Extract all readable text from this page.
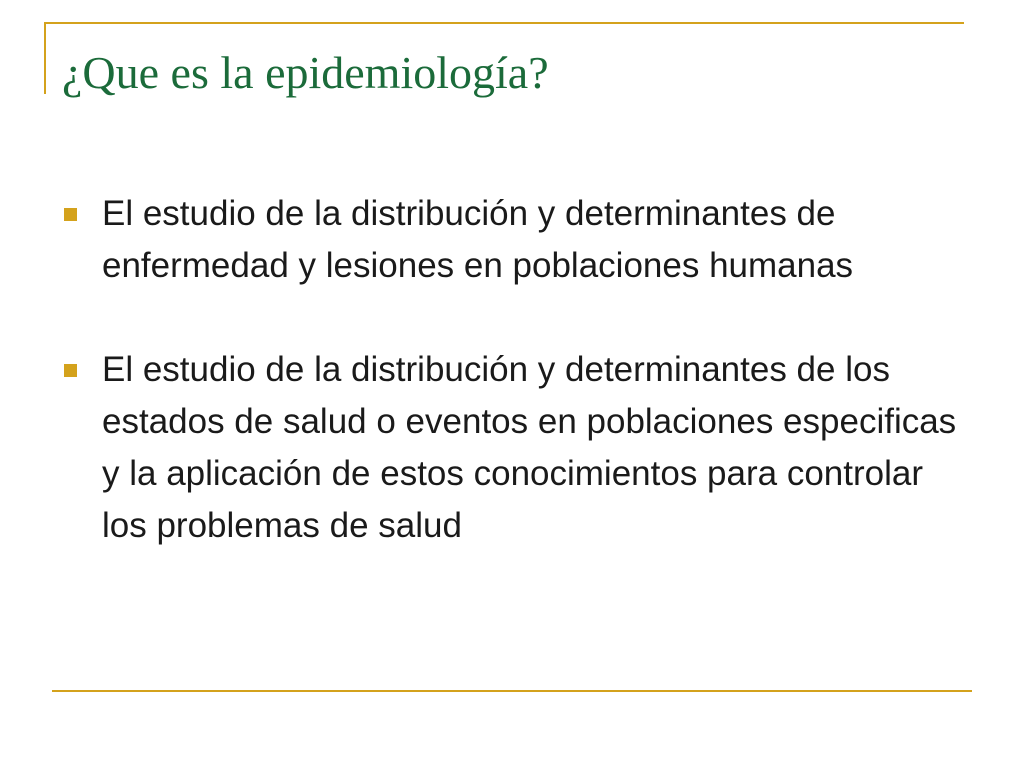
¿Que es la epidemiología?
El estudio de la distribución y determinantes de enfermedad y lesiones en poblaciones humanas
El estudio de la distribución y determinantes de los estados de salud o eventos en poblaciones especificas y la aplicación de estos conocimientos para controlar los problemas de salud
